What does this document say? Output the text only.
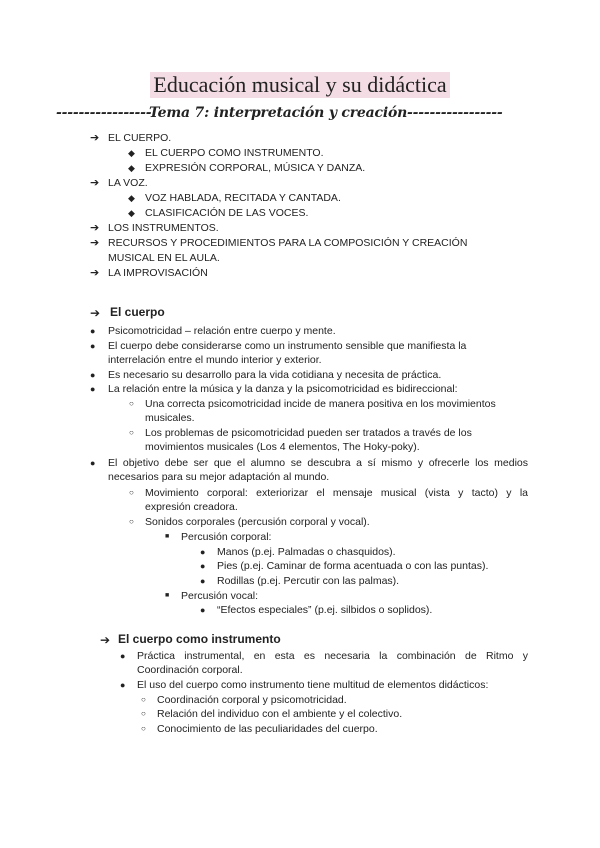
Educación musical y su didáctica
-----------------Tema 7: interpretación y creación-----------------
➔ EL CUERPO.
◆ EL CUERPO COMO INSTRUMENTO.
◆ EXPRESIÓN CORPORAL, MÚSICA Y DANZA.
➔ LA VOZ.
◆ VOZ HABLADA, RECITADA Y CANTADA.
◆ CLASIFICACIÓN DE LAS VOCES.
➔ LOS INSTRUMENTOS.
➔ RECURSOS Y PROCEDIMIENTOS PARA LA COMPOSICIÓN Y CREACIÓN
MUSICAL EN EL AULA.
➔ LA IMPROVISACIÓN
➔ El cuerpo
● Psicomotricidad – relación entre cuerpo y mente.
● El cuerpo debe considerarse como un instrumento sensible que manifiesta la
interrelación entre el mundo interior y exterior.
● Es necesario su desarrollo para la vida cotidiana y necesita de práctica.
● La relación entre la música y la danza y la psicomotricidad es bidireccional:
○ Una correcta psicomotricidad incide de manera positiva en los movimientos
musicales.
○ Los problemas de psicomotricidad pueden ser tratados a través de los
movimientos musicales (Los 4 elementos, The Hoky-poky).
● El objetivo debe ser que el alumno se descubra a sí mismo y ofrecerle los medios
necesarios para su mejor adaptación al mundo.
○ Movimiento corporal: exteriorizar el mensaje musical (vista y tacto) y la
expresión creadora.
○ Sonidos corporales (percusión corporal y vocal).
■ Percusión corporal:
● Manos (p.ej. Palmadas o chasquidos).
● Pies (p.ej. Caminar de forma acentuada o con las puntas).
● Rodillas (p.ej. Percutir con las palmas).
■ Percusión vocal:
● “Efectos especiales” (p.ej. silbidos o soplidos).
➔ El cuerpo como instrumento
● Práctica instrumental, en esta es necesaria la combinación de Ritmo y
Coordinación corporal.
● El uso del cuerpo como instrumento tiene multitud de elementos didácticos:
○ Coordinación corporal y psicomotricidad.
○ Relación del individuo con el ambiente y el colectivo.
○ Conocimiento de las peculiaridades del cuerpo.
